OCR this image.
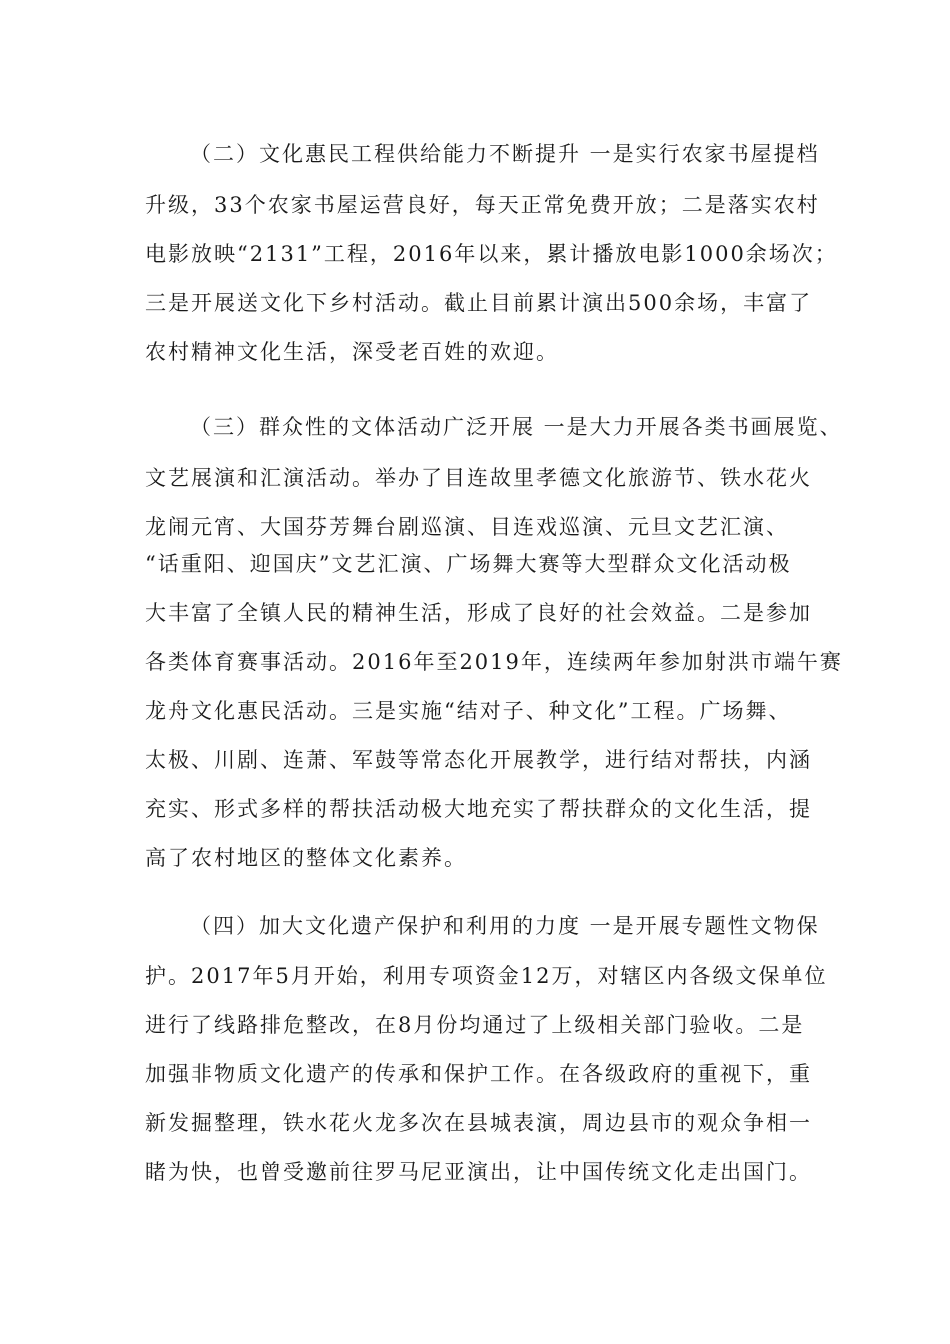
（二）文化惠民工程供给能力不断提升 一是实行农家书屋提档
升级，33个农家书屋运营良好，每天正常免费开放；二是落实农村
电影放映“2131”工程，2016年以来，累计播放电影1000余场次；
三是开展送文化下乡村活动。截止目前累计演出500余场，丰富了
农村精神文化生活，深受老百姓的欢迎。
（三）群众性的文体活动广泛开展 一是大力开展各类书画展览、
文艺展演和汇演活动。举办了目连故里孝德文化旅游节、铁水花火
龙闹元宵、大国芬芳舞台剧巡演、目连戏巡演、元旦文艺汇演、
“话重阳、迎国庆”文艺汇演、广场舞大赛等大型群众文化活动极
大丰富了全镇人民的精神生活，形成了良好的社会效益。二是参加
各类体育赛事活动。2016年至2019年，连续两年参加射洪市端午赛
龙舟文化惠民活动。三是实施“结对子、种文化”工程。广场舞、
太极、川剧、连萧、军鼓等常态化开展教学，进行结对帮扶，内涵
充实、形式多样的帮扶活动极大地充实了帮扶群众的文化生活，提
高了农村地区的整体文化素养。
（四）加大文化遗产保护和利用的力度 一是开展专题性文物保
护。2017年5月开始，利用专项资金12万，对辖区内各级文保单位
进行了线路排危整改，在8月份均通过了上级相关部门验收。二是
加强非物质文化遗产的传承和保护工作。在各级政府的重视下，重
新发掘整理，铁水花火龙多次在县城表演，周边县市的观众争相一
睹为快，也曾受邀前往罗马尼亚演出，让中国传统文化走出国门。
